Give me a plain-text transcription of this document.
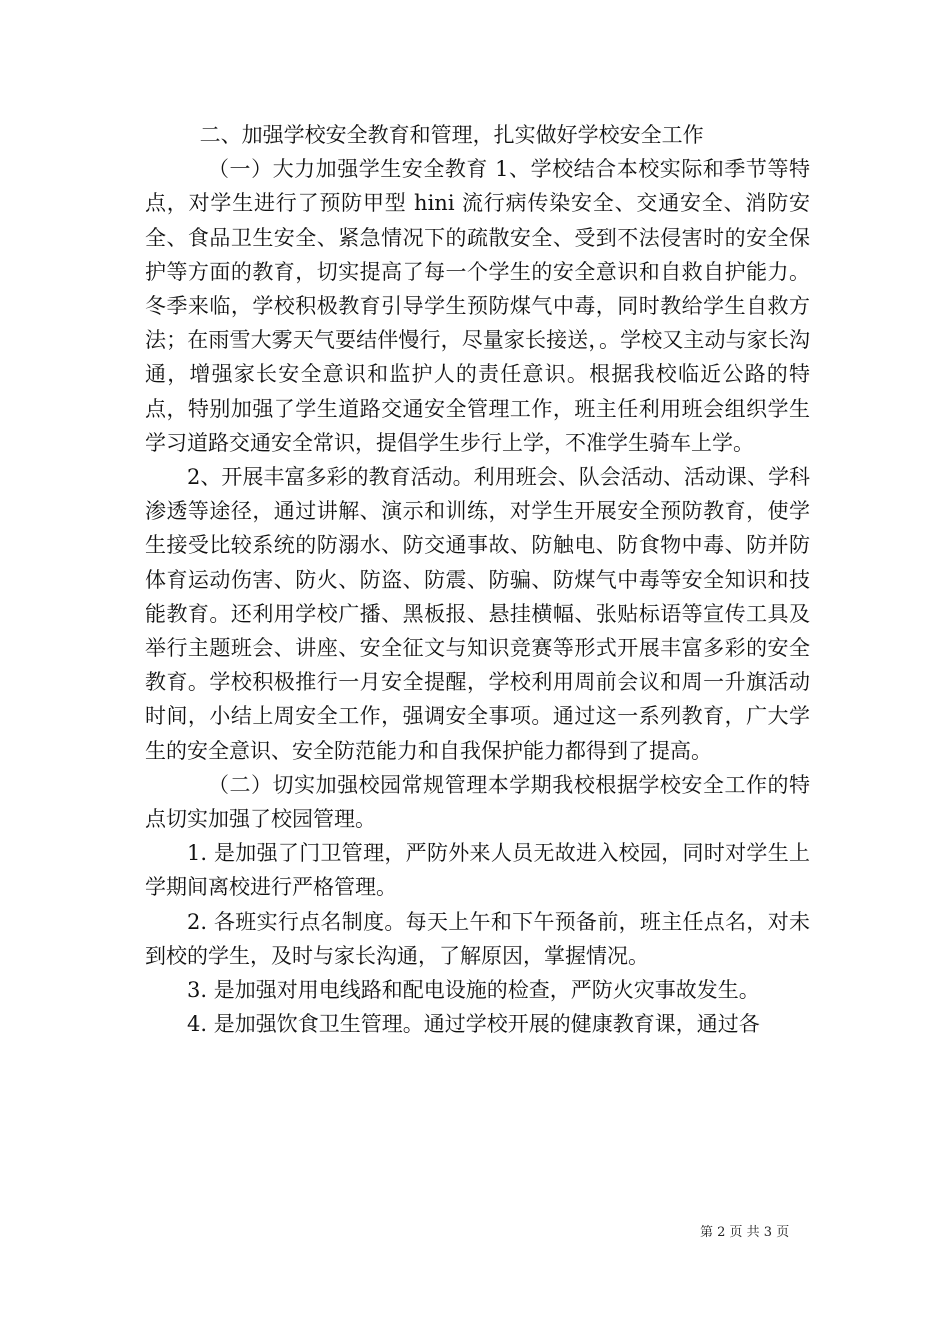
二、加强学校安全教育和管理，扎实做好学校安全工作

（一）大力加强学生安全教育 1、学校结合本校实际和季节等特点，对学生进行了预防甲型 hini 流行病传染安全、交通安全、消防安全、食品卫生安全、紧急情况下的疏散安全、受到不法侵害时的安全保护等方面的教育，切实提高了每一个学生的安全意识和自救自护能力。冬季来临，学校积极教育引导学生预防煤气中毒，同时教给学生自救方法；在雨雪大雾天气要结伴慢行，尽量家长接送，。学校又主动与家长沟通，增强家长安全意识和监护人的责任意识。根据我校临近公路的特点，特别加强了学生道路交通安全管理工作，班主任利用班会组织学生学习道路交通安全常识，提倡学生步行上学，不准学生骑车上学。

2、开展丰富多彩的教育活动。利用班会、队会活动、活动课、学科渗透等途径，通过讲解、演示和训练，对学生开展安全预防教育，使学生接受比较系统的防溺水、防交通事故、防触电、防食物中毒、防并防体育运动伤害、防火、防盗、防震、防骗、防煤气中毒等安全知识和技能教育。还利用学校广播、黑板报、悬挂横幅、张贴标语等宣传工具及举行主题班会、讲座、安全征文与知识竞赛等形式开展丰富多彩的安全教育。学校积极推行一月安全提醒，学校利用周前会议和周一升旗活动时间，小结上周安全工作，强调安全事项。通过这一系列教育，广大学生的安全意识、安全防范能力和自我保护能力都得到了提高。

（二）切实加强校园常规管理本学期我校根据学校安全工作的特点切实加强了校园管理。

1. 是加强了门卫管理，严防外来人员无故进入校园，同时对学生上学期间离校进行严格管理。

2. 各班实行点名制度。每天上午和下午预备前，班主任点名，对未到校的学生，及时与家长沟通，了解原因，掌握情况。

3. 是加强对用电线路和配电设施的检查，严防火灾事故发生。

4. 是加强饮食卫生管理。通过学校开展的健康教育课，通过各

第 2 页 共 3 页
